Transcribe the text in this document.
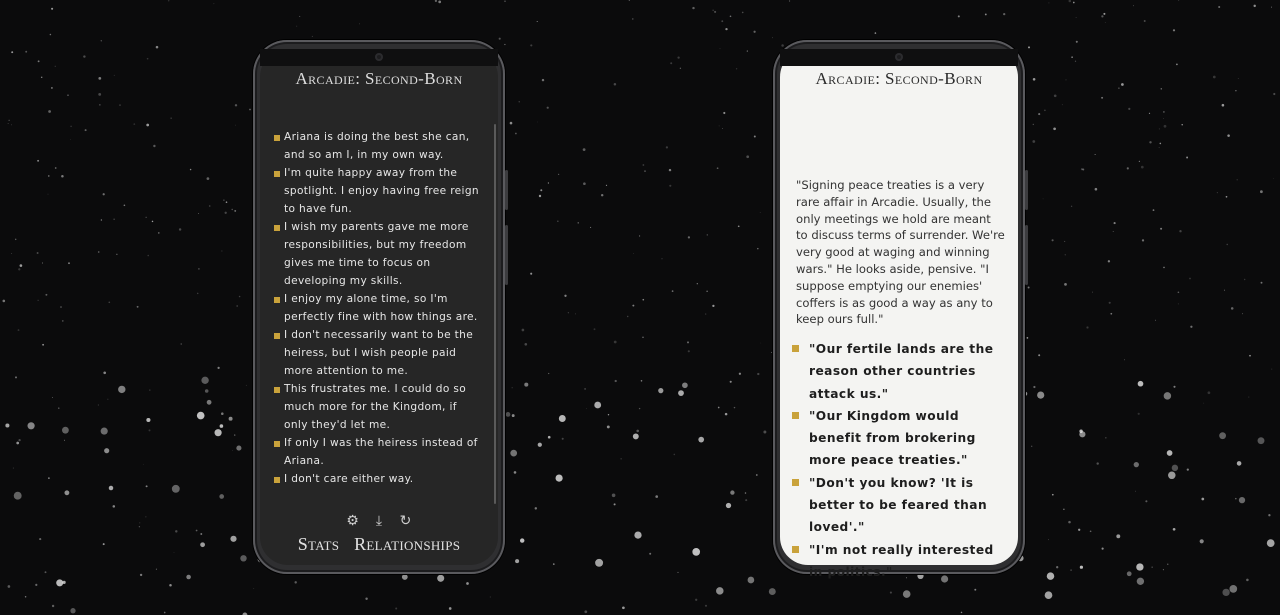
Arcadie: Second-Born
Ariana is doing the best she can, and so am I, in my own way.
I'm quite happy away from the spotlight. I enjoy having free reign to have fun.
I wish my parents gave me more responsibilities, but my freedom gives me time to focus on developing my skills.
I enjoy my alone time, so I'm perfectly fine with how things are.
I don't necessarily want to be the heiress, but I wish people paid more attention to me.
This frustrates me. I could do so much more for the Kingdom, if only they'd let me.
If only I was the heiress instead of Ariana.
I don't care either way.
⚙ ⤓ ↻
Stats Relationships
Arcadie: Second-Born

"Signing peace treaties is a very rare affair in Arcadie. Usually, the only meetings we hold are meant to discuss terms of surrender. We're very good at waging and winning wars." He looks aside, pensive. "I suppose emptying our enemies' coffers is as good a way as any to keep ours full."

"Our fertile lands are the reason other countries attack us."
"Our Kingdom would benefit from brokering more peace treaties."
"Don't you know? 'It is better to be feared than loved'."
"I'm not really interested in politics."
